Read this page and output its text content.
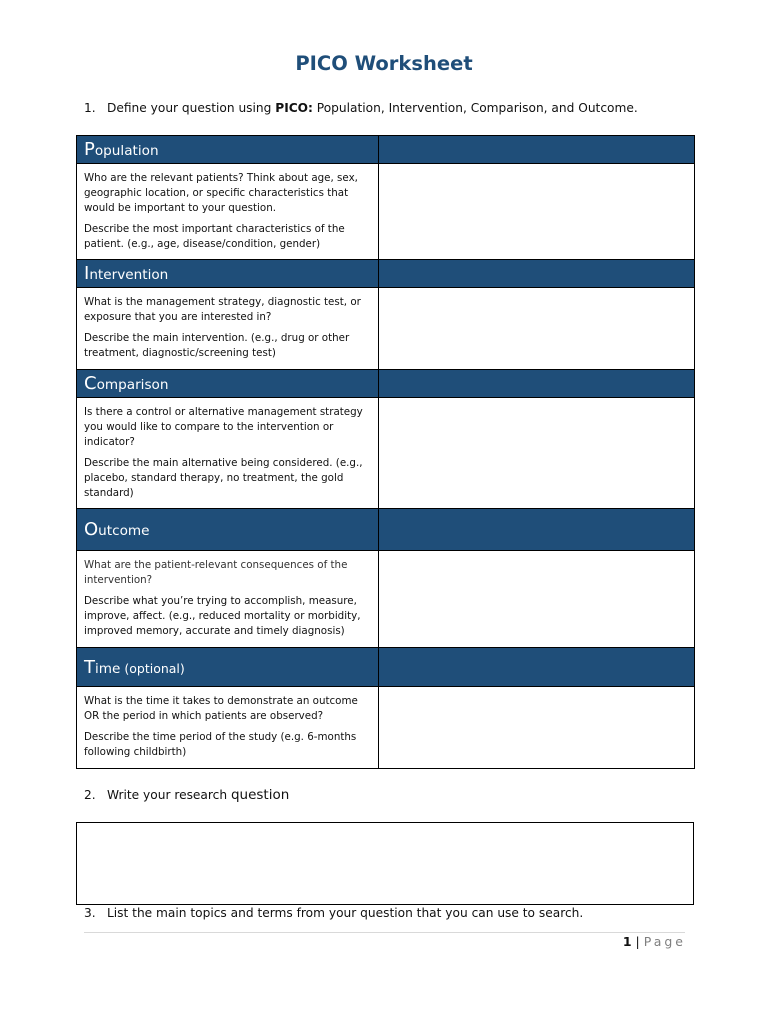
PICO Worksheet
1. Define your question using PICO: Population, Intervention, Comparison, and Outcome.
Population	

Who are the relevant patients? Think about age, sex, geographic location, or specific characteristics that would be important to your question.

Describe the most important characteristics of the patient. (e.g., age, disease/condition, gender)	

Intervention	

What is the management strategy, diagnostic test, or exposure that you are interested in?

Describe the main intervention. (e.g., drug or other treatment, diagnostic/screening test)	

Comparison	

Is there a control or alternative management strategy you would like to compare to the intervention or indicator?

Describe the main alternative being considered. (e.g., placebo, standard therapy, no treatment, the gold standard)	

Outcome	

What are the patient-relevant consequences of the intervention?

Describe what you’re trying to accomplish, measure, improve, affect. (e.g., reduced mortality or morbidity, improved memory, accurate and timely diagnosis)	

Time (optional)	

What is the time it takes to demonstrate an outcome OR the period in which patients are observed?

Describe the time period of the study (e.g. 6-months following childbirth)	

2. Write your research question
3. List the main topics and terms from your question that you can use to search.
1 | Page
